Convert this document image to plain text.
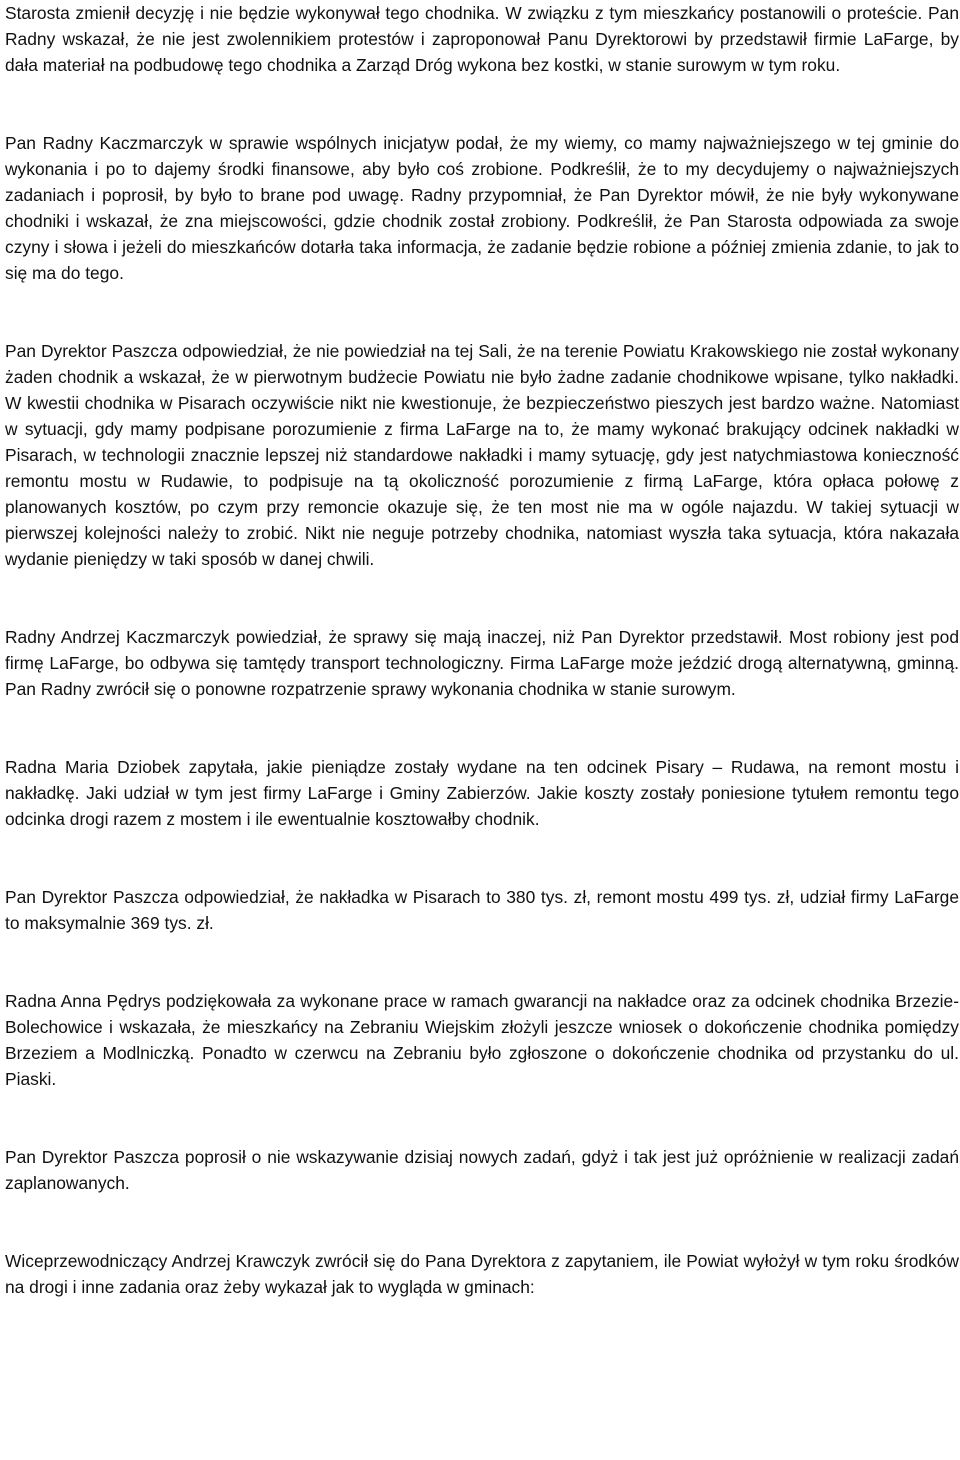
Starosta zmienił decyzję i nie będzie wykonywał tego chodnika. W związku z tym mieszkańcy postanowili o proteście. Pan Radny wskazał, że nie jest zwolennikiem protestów i zaproponował Panu Dyrektorowi by przedstawił firmie LaFarge, by dała materiał na podbudowę tego chodnika a Zarząd Dróg wykona bez kostki, w stanie surowym w tym roku.

Pan Radny Kaczmarczyk w sprawie wspólnych inicjatyw podał, że my wiemy, co mamy najważniejszego w tej gminie do wykonania i po to dajemy środki finansowe, aby było coś zrobione. Podkreślił, że to my decydujemy o najważniejszych zadaniach i poprosił, by było to brane pod uwagę. Radny przypomniał, że Pan Dyrektor mówił, że nie były wykonywane chodniki i wskazał, że zna miejscowości, gdzie chodnik został zrobiony. Podkreślił, że Pan Starosta odpowiada za swoje czyny i słowa i jeżeli do mieszkańców dotarła taka informacja, że zadanie będzie robione a później zmienia zdanie, to jak to się ma do tego.

Pan Dyrektor Paszcza odpowiedział, że nie powiedział na tej Sali, że na terenie Powiatu Krakowskiego nie został wykonany żaden chodnik a wskazał, że w pierwotnym budżecie Powiatu nie było żadne zadanie chodnikowe wpisane, tylko nakładki. W kwestii chodnika w Pisarach oczywiście nikt nie kwestionuje, że bezpieczeństwo pieszych jest bardzo ważne. Natomiast w sytuacji, gdy mamy podpisane porozumienie z firma LaFarge na to, że mamy wykonać brakujący odcinek nakładki w Pisarach, w technologii znacznie lepszej niż standardowe nakładki i mamy sytuację, gdy jest natychmiastowa konieczność remontu mostu w Rudawie, to podpisuje na tą okoliczność porozumienie z firmą LaFarge, która opłaca połowę z planowanych kosztów, po czym przy remoncie okazuje się, że ten most nie ma w ogóle najazdu. W takiej sytuacji w pierwszej kolejności należy to zrobić. Nikt nie neguje potrzeby chodnika, natomiast wyszła taka sytuacja, która nakazała wydanie pieniędzy w taki sposób w danej chwili.

Radny Andrzej Kaczmarczyk powiedział, że sprawy się mają inaczej, niż Pan Dyrektor przedstawił. Most robiony jest pod firmę LaFarge, bo odbywa się tamtędy transport technologiczny. Firma LaFarge może jeździć drogą alternatywną, gminną. Pan Radny zwrócił się o ponowne rozpatrzenie sprawy wykonania chodnika w stanie surowym.

Radna Maria Dziobek zapytała, jakie pieniądze zostały wydane na ten odcinek Pisary – Rudawa, na remont mostu i nakładkę. Jaki udział w tym jest firmy LaFarge i Gminy Zabierzów. Jakie koszty zostały poniesione tytułem remontu tego odcinka drogi razem z mostem i ile ewentualnie kosztowałby chodnik.

Pan Dyrektor Paszcza odpowiedział, że nakładka w Pisarach to 380 tys. zł, remont mostu 499 tys. zł, udział firmy LaFarge to maksymalnie 369 tys. zł.

Radna Anna Pędrys podziękowała za wykonane prace w ramach gwarancji na nakładce oraz za odcinek chodnika Brzezie-Bolechowice i wskazała, że mieszkańcy na Zebraniu Wiejskim złożyli jeszcze wniosek o dokończenie chodnika pomiędzy Brzeziem a Modlniczką. Ponadto w czerwcu na Zebraniu było zgłoszone o dokończenie chodnika od przystanku do ul. Piaski.

Pan Dyrektor Paszcza poprosił o nie wskazywanie dzisiaj nowych zadań, gdyż i tak jest już opróżnienie w realizacji zadań zaplanowanych.

Wiceprzewodniczący Andrzej Krawczyk zwrócił się do Pana Dyrektora z zapytaniem, ile Powiat wyłożył w tym roku środków na drogi i inne zadania oraz żeby wykazał jak to wygląda w gminach:
